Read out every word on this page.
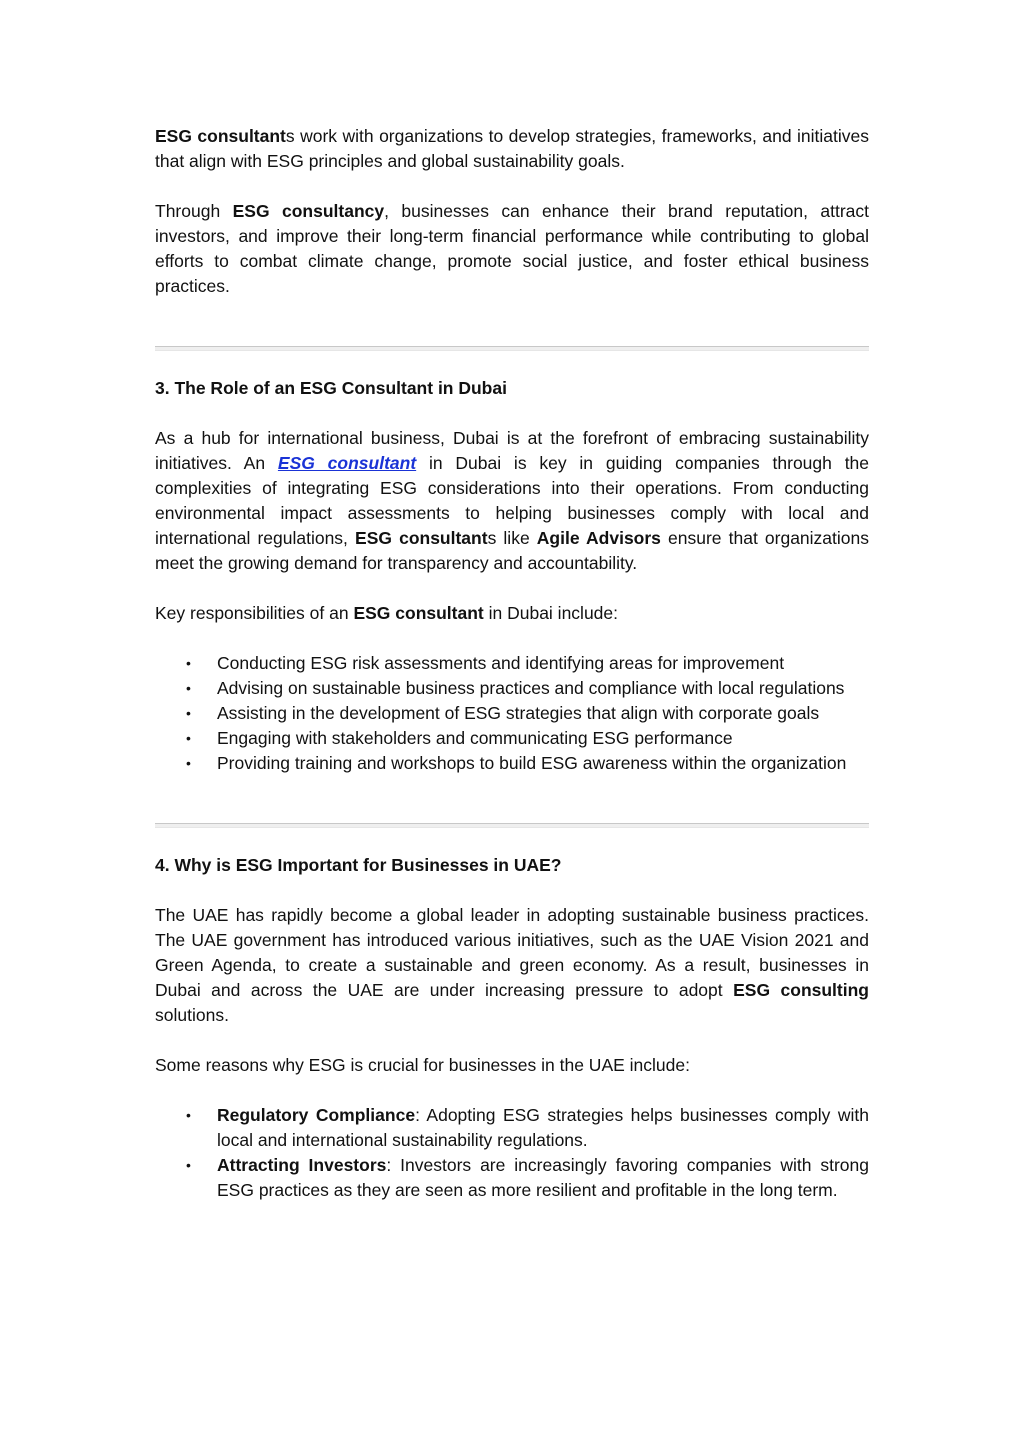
ESG consultants work with organizations to develop strategies, frameworks, and initiatives that align with ESG principles and global sustainability goals.

Through ESG consultancy, businesses can enhance their brand reputation, attract investors, and improve their long-term financial performance while contributing to global efforts to combat climate change, promote social justice, and foster ethical business practices.

3. The Role of an ESG Consultant in Dubai

As a hub for international business, Dubai is at the forefront of embracing sustainability initiatives. An ESG consultant in Dubai is key in guiding companies through the complexities of integrating ESG considerations into their operations. From conducting environmental impact assessments to helping businesses comply with local and international regulations, ESG consultants like Agile Advisors ensure that organizations meet the growing demand for transparency and accountability.

Key responsibilities of an ESG consultant in Dubai include:

• Conducting ESG risk assessments and identifying areas for improvement
• Advising on sustainable business practices and compliance with local regulations
• Assisting in the development of ESG strategies that align with corporate goals
• Engaging with stakeholders and communicating ESG performance
• Providing training and workshops to build ESG awareness within the organization

4. Why is ESG Important for Businesses in UAE?

The UAE has rapidly become a global leader in adopting sustainable business practices. The UAE government has introduced various initiatives, such as the UAE Vision 2021 and Green Agenda, to create a sustainable and green economy. As a result, businesses in Dubai and across the UAE are under increasing pressure to adopt ESG consulting solutions.

Some reasons why ESG is crucial for businesses in the UAE include:

• Regulatory Compliance: Adopting ESG strategies helps businesses comply with local and international sustainability regulations.
• Attracting Investors: Investors are increasingly favoring companies with strong ESG practices as they are seen as more resilient and profitable in the long term.
